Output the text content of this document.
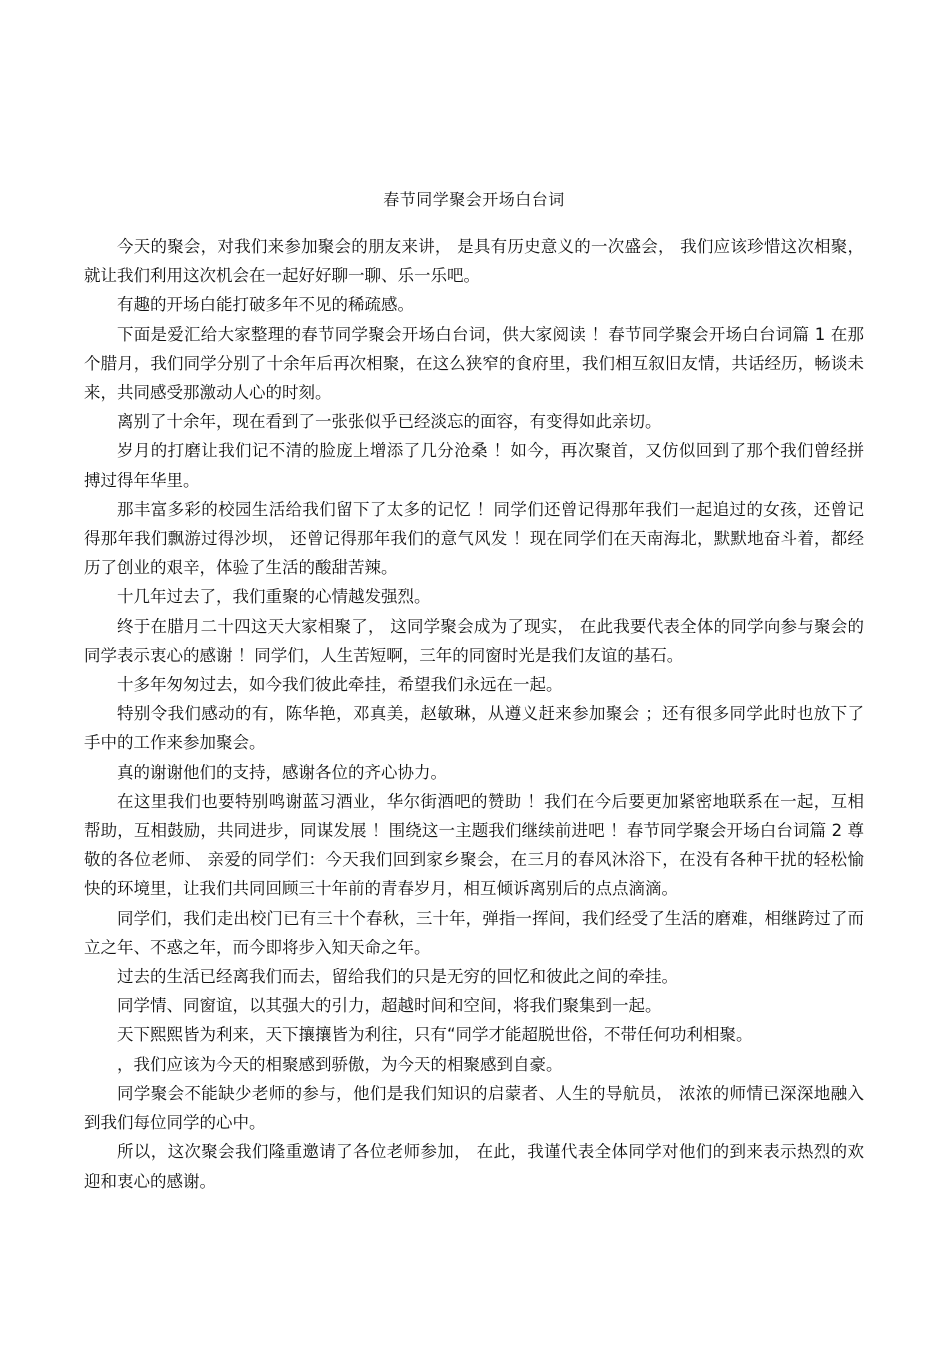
春节同学聚会开场白台词

今天的聚会，对我们来参加聚会的朋友来讲， 是具有历史意义的一次盛会， 我们应该珍惜这次相聚，就让我们利用这次机会在一起好好聊一聊、乐一乐吧。

有趣的开场白能打破多年不见的稀疏感。

下面是爱汇给大家整理的春节同学聚会开场白台词，供大家阅读 ！春节同学聚会开场白台词篇 1 在那个腊月，我们同学分别了十余年后再次相聚，在这么狭窄的食府里，我们相互叙旧友情，共话经历，畅谈未来，共同感受那激动人心的时刻。

离别了十余年，现在看到了一张张似乎已经淡忘的面容，有变得如此亲切。

岁月的打磨让我们记不清的脸庞上增添了几分沧桑 ！如今，再次聚首，又仿似回到了那个我们曾经拼搏过得年华里。

那丰富多彩的校园生活给我们留下了太多的记忆 ！同学们还曾记得那年我们一起追过的女孩，还曾记得那年我们飘游过得沙坝， 还曾记得那年我们的意气风发 ！现在同学们在天南海北，默默地奋斗着，都经历了创业的艰辛，体验了生活的酸甜苦辣。

十几年过去了，我们重聚的心情越发强烈。

终于在腊月二十四这天大家相聚了， 这同学聚会成为了现实， 在此我要代表全体的同学向参与聚会的同学表示衷心的感谢 ！同学们，人生苦短啊，三年的同窗时光是我们友谊的基石。

十多年匆匆过去，如今我们彼此牵挂，希望我们永远在一起。

特别令我们感动的有，陈华艳，邓真美，赵敏琳，从遵义赶来参加聚会 ；还有很多同学此时也放下了手中的工作来参加聚会。

真的谢谢他们的支持，感谢各位的齐心协力。

在这里我们也要特别鸣谢蓝习酒业，华尔街酒吧的赞助 ！我们在今后要更加紧密地联系在一起，互相帮助，互相鼓励，共同进步，同谋发展 ！围绕这一主题我们继续前进吧 ！春节同学聚会开场白台词篇 2 尊敬的各位老师、 亲爱的同学们：今天我们回到家乡聚会，在三月的春风沐浴下，在没有各种干扰的轻松愉快的环境里，让我们共同回顾三十年前的青春岁月，相互倾诉离别后的点点滴滴。

同学们，我们走出校门已有三十个春秋，三十年，弹指一挥间，我们经受了生活的磨难，相继跨过了而立之年、不惑之年，而今即将步入知天命之年。

过去的生活已经离我们而去，留给我们的只是无穷的回忆和彼此之间的牵挂。

同学情、同窗谊，以其强大的引力，超越时间和空间，将我们聚集到一起。

天下熙熙皆为利来，天下攘攘皆为利往，只有“同学才能超脱世俗，不带任何功利相聚。

，我们应该为今天的相聚感到骄傲，为今天的相聚感到自豪。

同学聚会不能缺少老师的参与，他们是我们知识的启蒙者、人生的导航员， 浓浓的师情已深深地融入到我们每位同学的心中。

所以，这次聚会我们隆重邀请了各位老师参加， 在此，我谨代表全体同学对他们的到来表示热烈的欢迎和衷心的感谢。
